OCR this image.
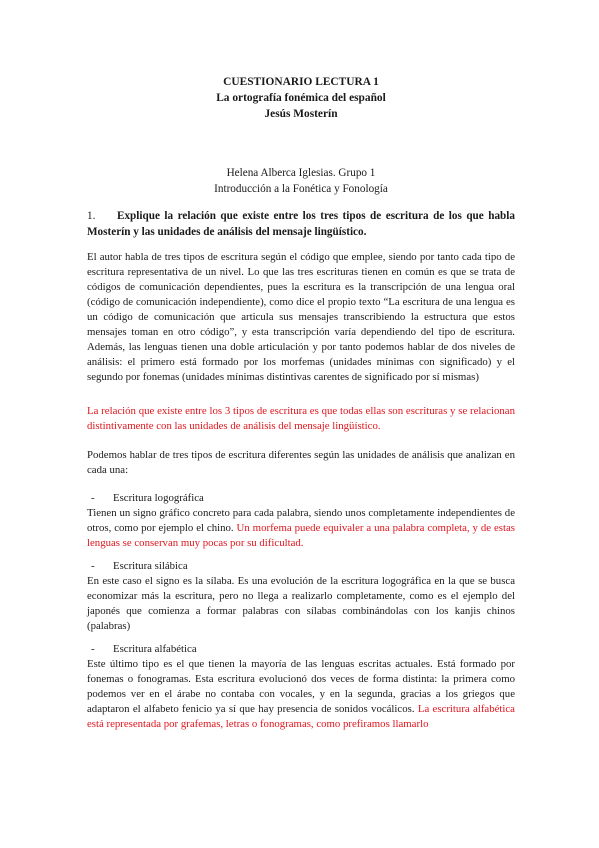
CUESTIONARIO LECTURA 1
La ortografía fonémica del español
Jesús Mosterín
Helena Alberca Iglesias. Grupo 1
Introducción a la Fonética y Fonología
1. Explique la relación que existe entre los tres tipos de escritura de los que habla Mosterín y las unidades de análisis del mensaje lingüístico.

El autor habla de tres tipos de escritura según el código que emplee, siendo por tanto cada tipo de escritura representativa de un nivel. Lo que las tres escrituras tienen en común es que se trata de códigos de comunicación dependientes, pues la escritura es la transcripción de una lengua oral (código de comunicación independiente), como dice el propio texto “La escritura de una lengua es un código de comunicación que articula sus mensajes transcribiendo la estructura que estos mensajes toman en otro código”, y esta transcripción varía dependiendo del tipo de escritura. Además, las lenguas tienen una doble articulación y por tanto podemos hablar de dos niveles de análisis: el primero está formado por los morfemas (unidades mínimas con significado) y el segundo por fonemas (unidades mínimas distintivas carentes de significado por sí mismas)

La relación que existe entre los 3 tipos de escritura es que todas ellas son escrituras y se relacionan distintivamente con las unidades de análisis del mensaje lingüístico.

Podemos hablar de tres tipos de escritura diferentes según las unidades de análisis que analizan en cada una:

- Escritura logográfica

Tienen un signo gráfico concreto para cada palabra, siendo unos completamente independientes de otros, como por ejemplo el chino. Un morfema puede equivaler a una palabra completa, y de estas lenguas se conservan muy pocas por su dificultad.

- Escritura silábica

En este caso el signo es la sílaba. Es una evolución de la escritura logográfica en la que se busca economizar más la escritura, pero no llega a realizarlo completamente, como es el ejemplo del japonés que comienza a formar palabras con sílabas combinándolas con los kanjis chinos (palabras)

- Escritura alfabética

Este último tipo es el que tienen la mayoría de las lenguas escritas actuales. Está formado por fonemas o fonogramas. Esta escritura evolucionó dos veces de forma distinta: la primera como podemos ver en el árabe no contaba con vocales, y en la segunda, gracias a los griegos que adaptaron el alfabeto fenicio ya sí que hay presencia de sonidos vocálicos. La escritura alfabética está representada por grafemas, letras o fonogramas, como prefiramos llamarlo
